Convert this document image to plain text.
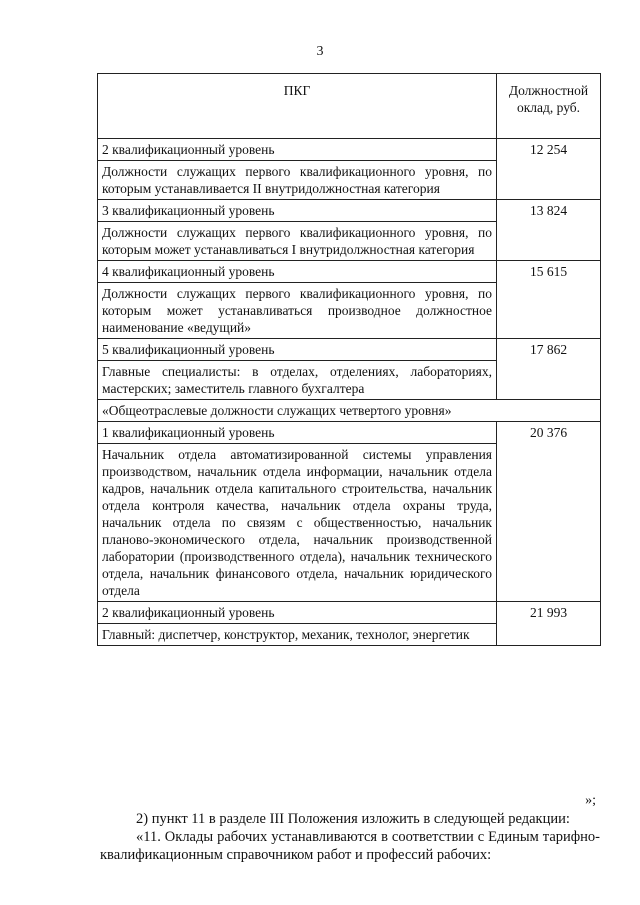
3
ПКГ	Должностной оклад, руб.
2 квалификационный уровень	12 254
Должности служащих первого квалификационного уровня, по которым устанавливается II внутридолжностная категория	
3 квалификационный уровень	13 824
Должности служащих первого квалификационного уровня, по которым может устанавливаться I внутридолжностная категория	
4 квалификационный уровень	15 615
Должности служащих первого квалификационного уровня, по которым может устанавливаться производное должностное наименование «ведущий»	
5 квалификационный уровень	17 862
Главные специалисты: в отделах, отделениях, лабораториях, мастерских; заместитель главного бухгалтера	
«Общеотраслевые должности служащих четвертого уровня»	
1 квалификационный уровень	20 376
Начальник отдела автоматизированной системы управления производством, начальник отдела информации, начальник отдела кадров, начальник отдела капитального строительства, начальник отдела контроля качества, начальник отдела охраны труда, начальник отдела по связям с общественностью, начальник планово-экономического отдела, начальник производственной лаборатории (производственного отдела), начальник технического отдела, начальник финансового отдела, начальник юридического отдела	
2 квалификационный уровень	21 993
Главный: диспетчер, конструктор, механик, технолог, энергетик	
»;
2) пункт 11 в разделе III Положения изложить в следующей редакции:
«11. Оклады рабочих устанавливаются в соответствии с Единым тарифно-квалификационным справочником работ и профессий рабочих:
